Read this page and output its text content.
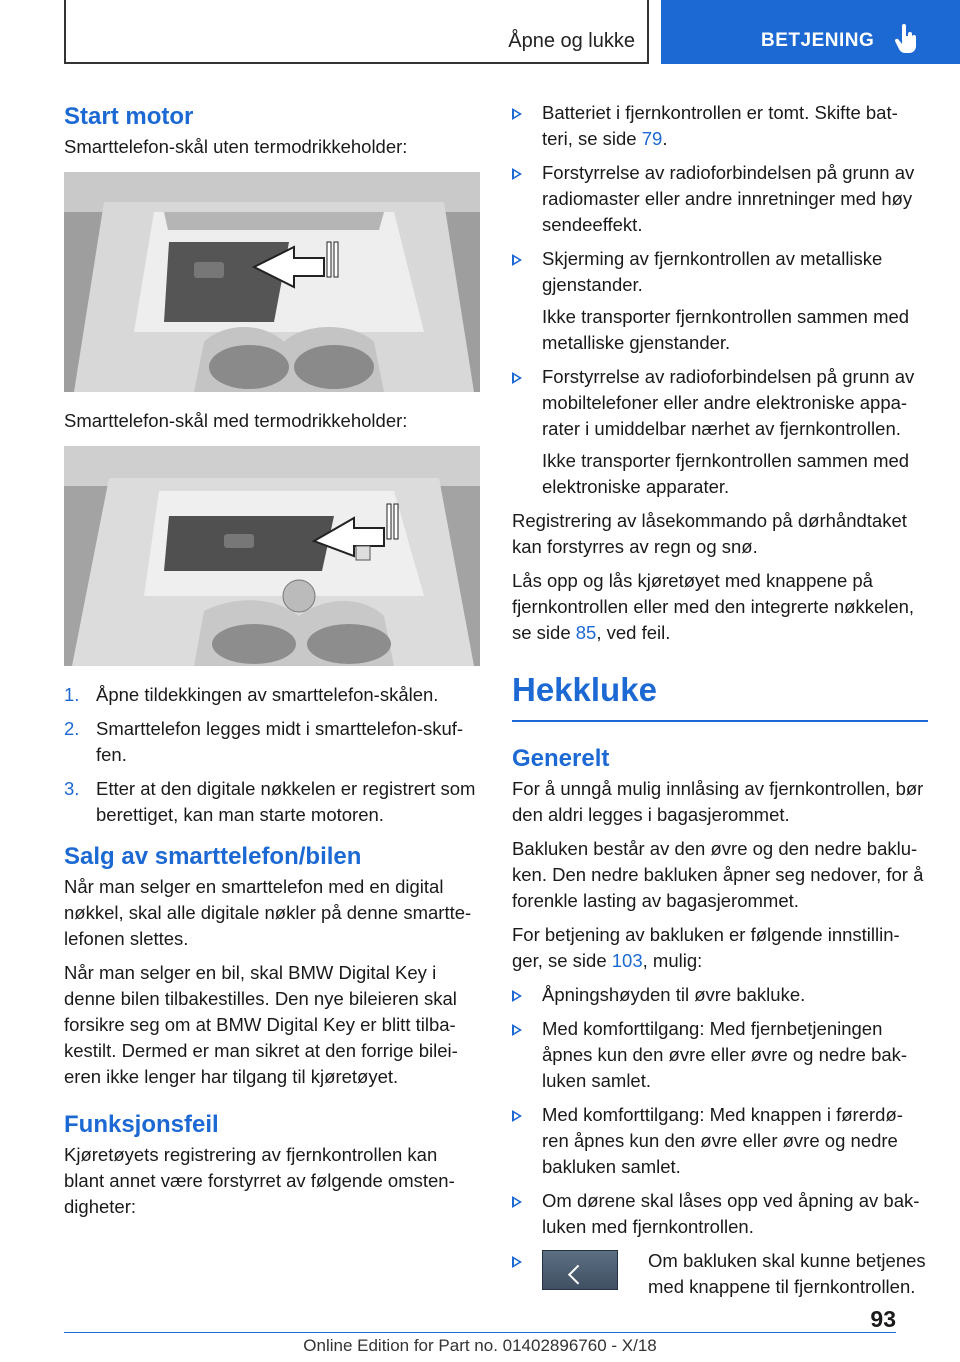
Åpne og lukke	BETJENING
Start motor

Smarttelefon-skål uten termodrikkeholder:

Smarttelefon-skål med termodrikkeholder:

1. Åpne tildekkingen av smarttelefon-skålen.
2. Smarttelefon legges midt i smarttelefon-skuf-fen.
3. Etter at den digitale nøkkelen er registrert som berettiget, kan man starte motoren.
Salg av smarttelefon/bilen

Når man selger en smarttelefon med en digital nøkkel, skal alle digitale nøkler på denne smartte-lefonen slettes.

Når man selger en bil, skal BMW Digital Key i denne bilen tilbakestilles. Den nye bileieren skal forsikre seg om at BMW Digital Key er blitt tilba-kestilt. Dermed er man sikret at den forrige bilei-eren ikke lenger har tilgang til kjøretøyet.

Funksjonsfeil

Kjøretøyets registrering av fjernkontrollen kan blant annet være forstyrret av følgende omsten-digheter:

Batteriet i fjernkontrollen er tomt. Skifte bat-teri, se side 79.
Forstyrrelse av radioforbindelsen på grunn av radiomaster eller andre innretninger med høy sendeeffekt.
Skjerming av fjernkontrollen av metalliske gjenstander.
Ikke transporter fjernkontrollen sammen med metalliske gjenstander.
Forstyrrelse av radioforbindelsen på grunn av mobiltelefoner eller andre elektroniske appa-rater i umiddelbar nærhet av fjernkontrollen.
Ikke transporter fjernkontrollen sammen med elektroniske apparater.

Registrering av låsekommando på dørhåndtaket kan forstyrres av regn og snø.

Lås opp og lås kjøretøyet med knappene på fjernkontrollen eller med den integrerte nøkkelen, se side 85, ved feil.

Hekkluke
Generelt

For å unngå mulig innlåsing av fjernkontrollen, bør den aldri legges i bagasjerommet.

Bakluken består av den øvre og den nedre baklu-ken. Den nedre bakluken åpner seg nedover, for å forenkle lasting av bagasjerommet.

For betjening av bakluken er følgende innstillin-ger, se side 103, mulig:

Åpningshøyden til øvre bakluke.
Med komforttilgang: Med fjernbetjeningen åpnes kun den øvre eller øvre og nedre bak-luken samlet.
Med komforttilgang: Med knappen i førerdø-ren åpnes kun den øvre eller øvre og nedre bakluken samlet.
Om dørene skal låses opp ved åpning av bak-luken med fjernkontrollen.
Om bakluken skal kunne betjenes med knappene til fjernkontrollen.
93
Online Edition for Part no. 01402896760 - X/18
